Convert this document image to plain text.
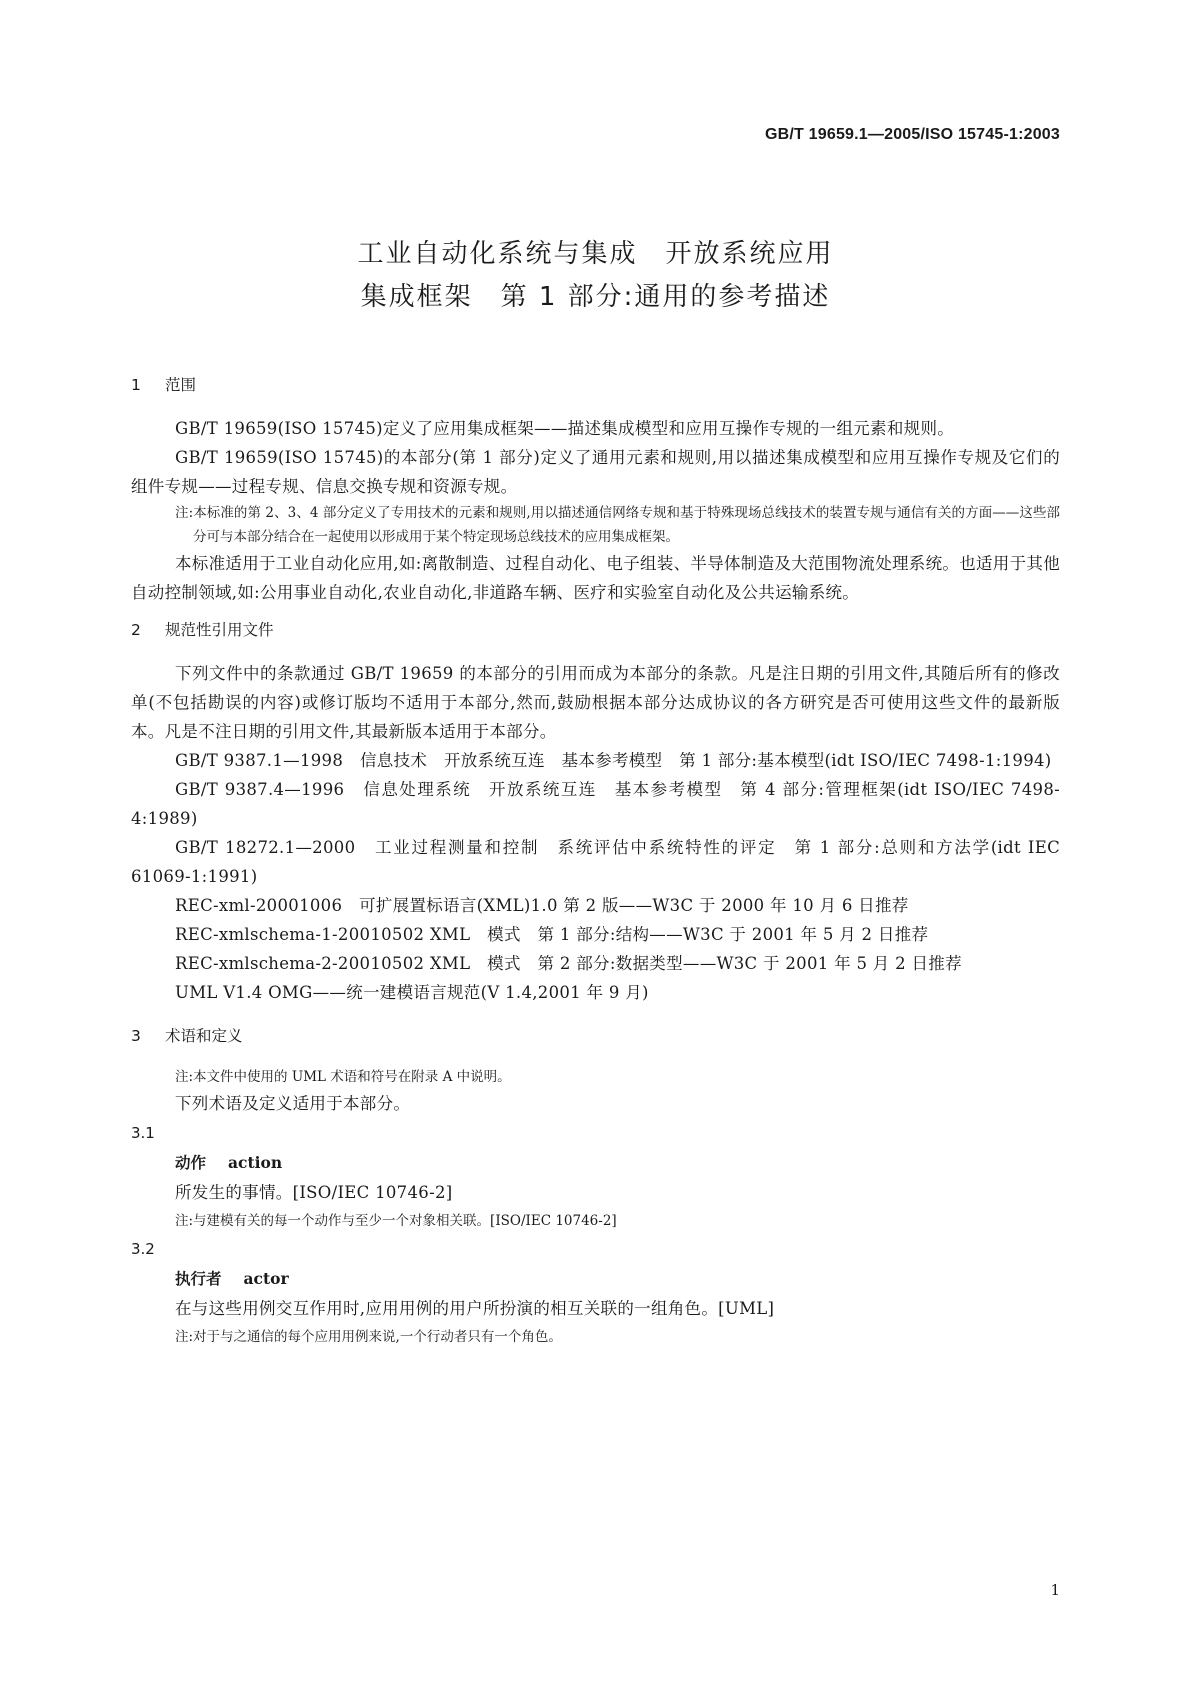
GB/T 19659.1—2005/ISO 15745-1:2003
工业自动化系统与集成　开放系统应用
集成框架　第 1 部分:通用的参考描述
1 范围

GB/T 19659(ISO 15745)定义了应用集成框架——描述集成模型和应用互操作专规的一组元素和规则。

GB/T 19659(ISO 15745)的本部分(第 1 部分)定义了通用元素和规则,用以描述集成模型和应用互操作专规及它们的组件专规——过程专规、信息交换专规和资源专规。

注:本标准的第 2、3、4 部分定义了专用技术的元素和规则,用以描述通信网络专规和基于特殊现场总线技术的装置专规与通信有关的方面——这些部分可与本部分结合在一起使用以形成用于某个特定现场总线技术的应用集成框架。

本标准适用于工业自动化应用,如:离散制造、过程自动化、电子组装、半导体制造及大范围物流处理系统。也适用于其他自动控制领域,如:公用事业自动化,农业自动化,非道路车辆、医疗和实验室自动化及公共运输系统。

2 规范性引用文件

下列文件中的条款通过 GB/T 19659 的本部分的引用而成为本部分的条款。凡是注日期的引用文件,其随后所有的修改单(不包括勘误的内容)或修订版均不适用于本部分,然而,鼓励根据本部分达成协议的各方研究是否可使用这些文件的最新版本。凡是不注日期的引用文件,其最新版本适用于本部分。

GB/T 9387.1—1998　信息技术　开放系统互连　基本参考模型　第 1 部分:基本模型(idt ISO/IEC 7498-1:1994)

GB/T 9387.4—1996　信息处理系统　开放系统互连　基本参考模型　第 4 部分:管理框架(idt ISO/IEC 7498-4:1989)

GB/T 18272.1—2000　工业过程测量和控制　系统评估中系统特性的评定　第 1 部分:总则和方法学(idt IEC 61069-1:1991)

REC-xml-20001006　可扩展置标语言(XML)1.0 第 2 版——W3C 于 2000 年 10 月 6 日推荐

REC-xmlschema-1-20010502 XML　模式　第 1 部分:结构——W3C 于 2001 年 5 月 2 日推荐

REC-xmlschema-2-20010502 XML　模式　第 2 部分:数据类型——W3C 于 2001 年 5 月 2 日推荐

UML V1.4 OMG——统一建模语言规范(V 1.4,2001 年 9 月)

3 术语和定义
注:本文件中使用的 UML 术语和符号在附录 A 中说明。

下列术语及定义适用于本部分。

3.1
动作 action
所发生的事情。[ISO/IEC 10746-2]
注:与建模有关的每一个动作与至少一个对象相关联。[ISO/IEC 10746-2]
3.2
执行者 actor
在与这些用例交互作用时,应用用例的用户所扮演的相互关联的一组角色。[UML]
注:对于与之通信的每个应用用例来说,一个行动者只有一个角色。
1
